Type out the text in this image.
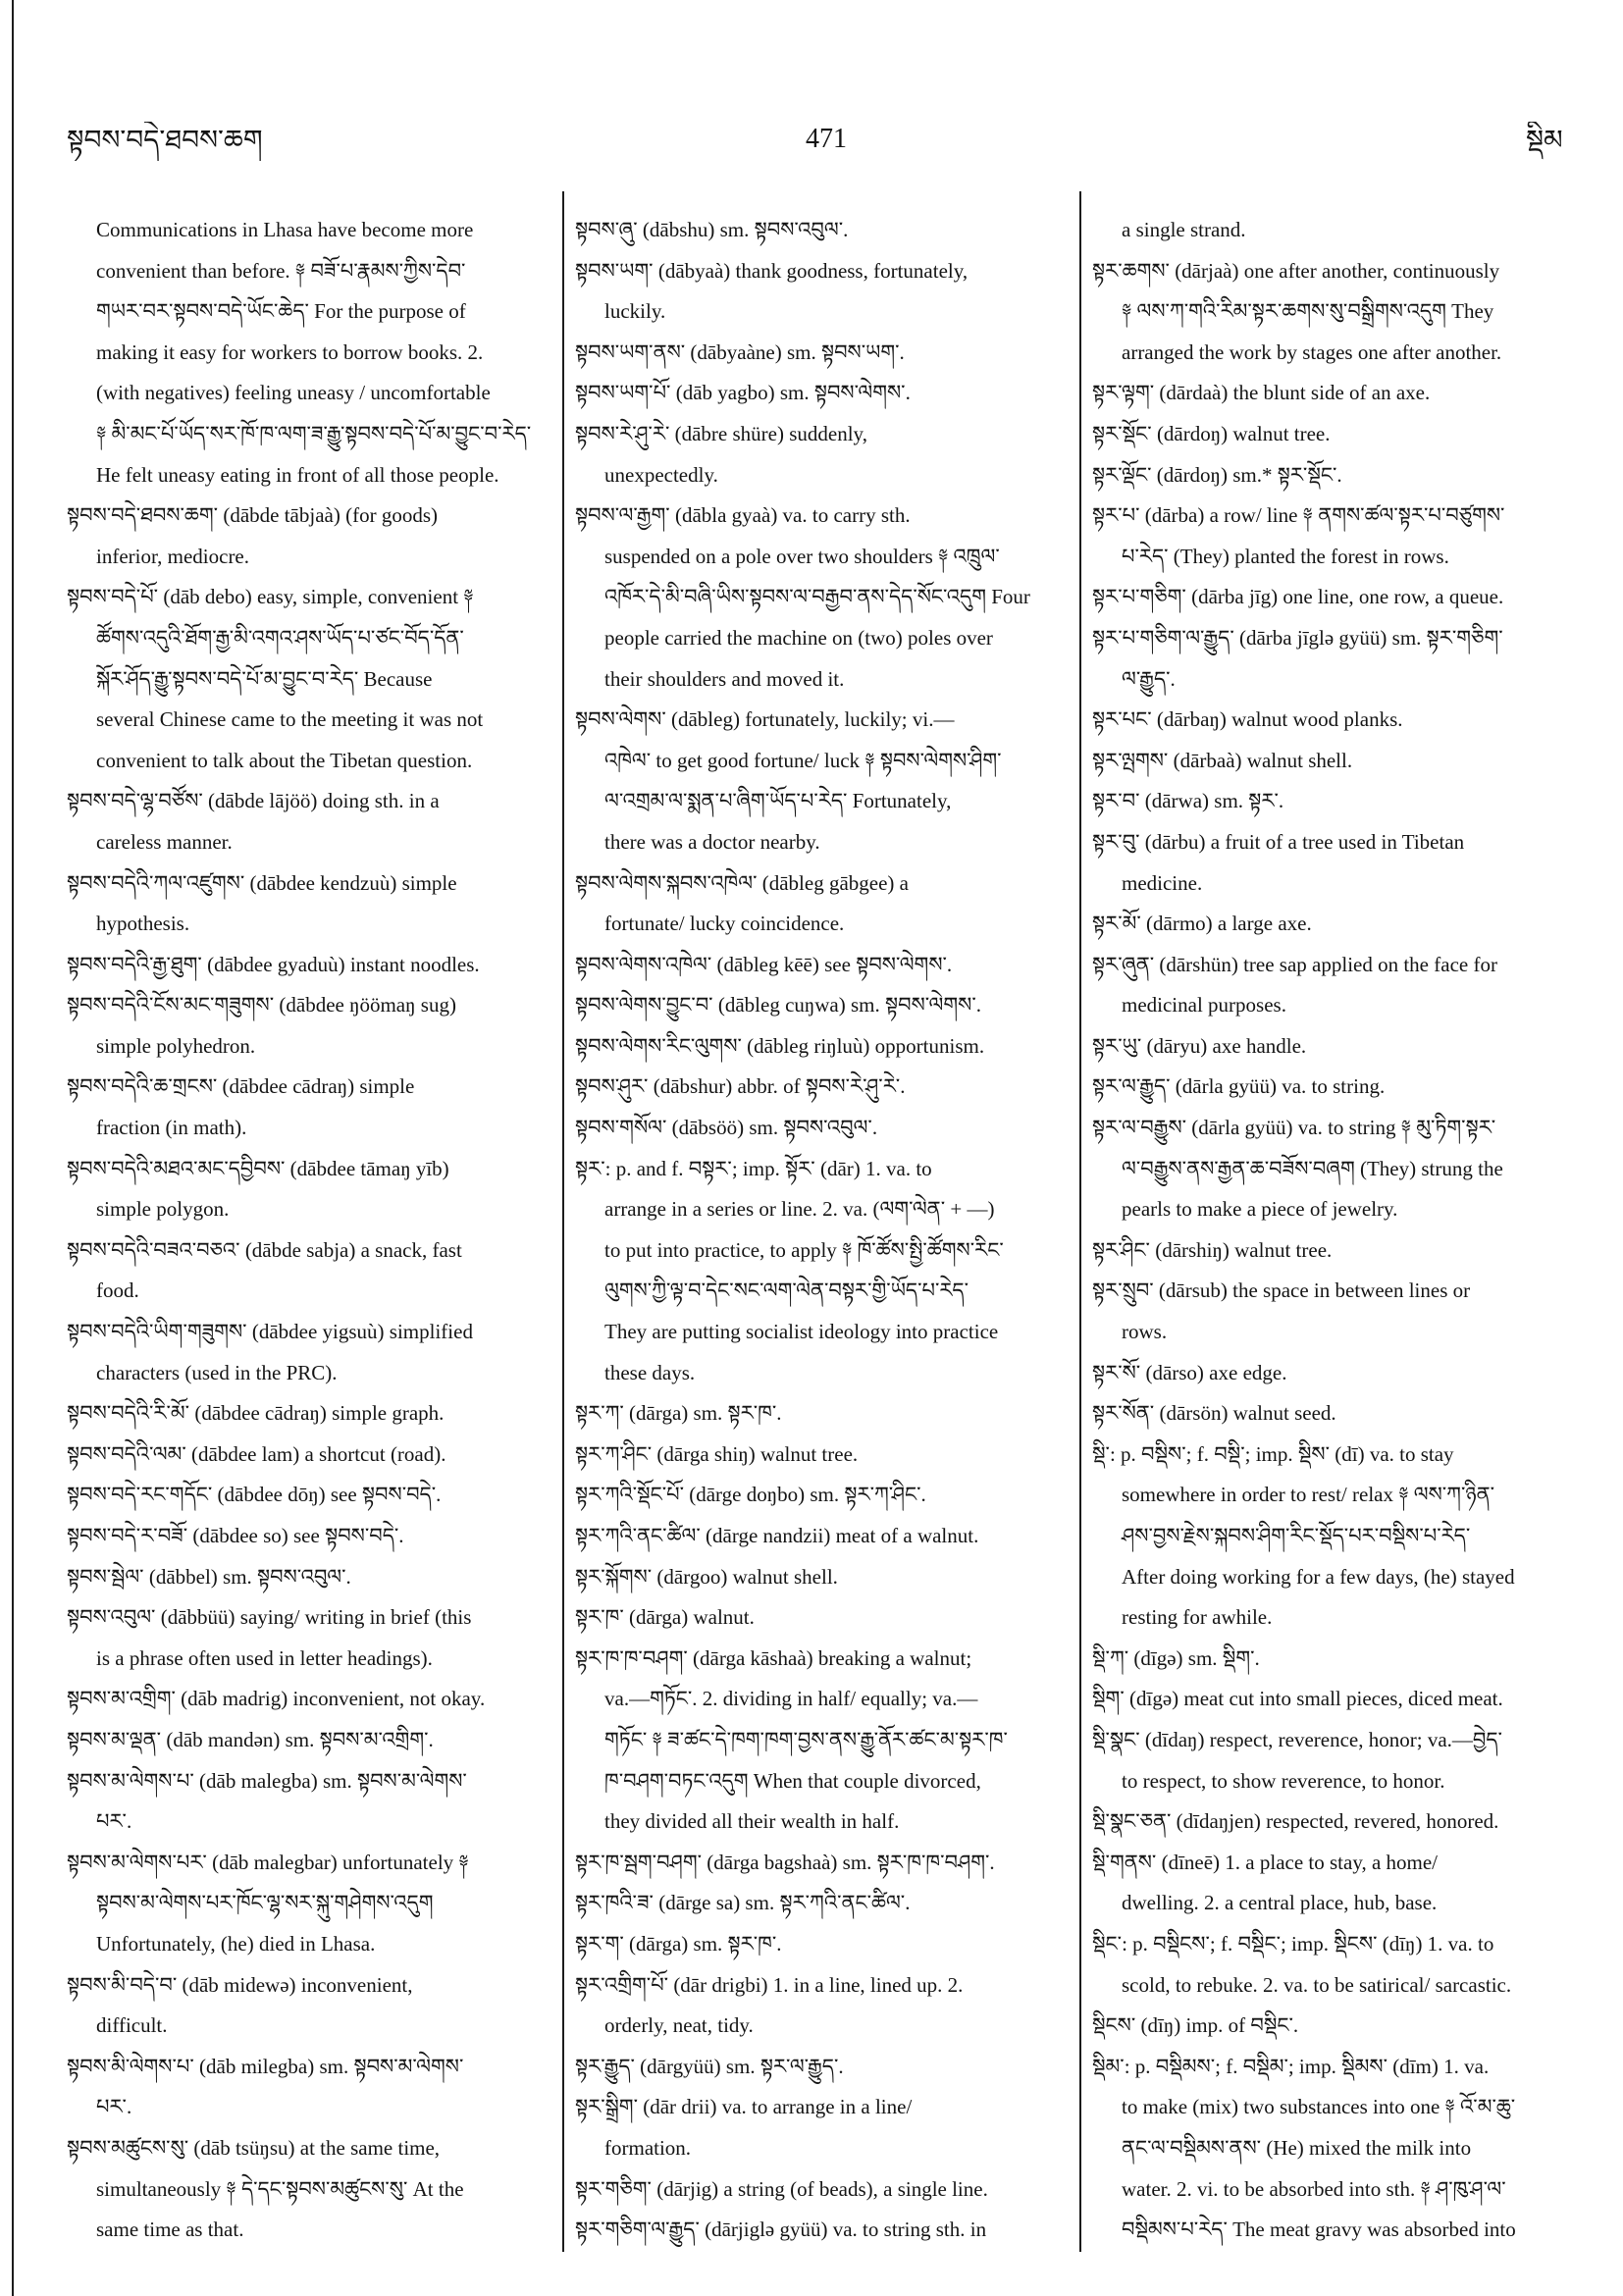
སྟབས་བདེ་ཐབས་ཆག	471	སྡིམ
Communications in Lhasa have become more
convenient than before. ༈ བཟོ་པ་རྣམས་ཀྱིས་དེབ་
གཡར་བར་སྟབས་བདེ་ཡོང་ཆེད་ For the purpose of
making it easy for workers to borrow books. 2.
(with negatives) feeling uneasy / uncomfortable
༈ མི་མང་པོ་ཡོད་སར་ཁོ་ཁ་ལག་ཟ་རྒྱུ་སྟབས་བདེ་པོ་མ་བྱུང་བ་རེད་
He felt uneasy eating in front of all those people.
སྟབས་བདེ་ཐབས་ཆག་ (dābde tābjaà) (for goods)
inferior, mediocre.
སྟབས་བདེ་པོ་ (dāb debo) easy, simple, convenient ༈
ཚོགས་འདུའི་ཐོག་རྒྱ་མི་འགའ་ཤས་ཡོད་པ་ཙང་བོད་དོན་
སྐོར་ཤོད་རྒྱུ་སྟབས་བདེ་པོ་མ་བྱུང་བ་རེད་ Because
several Chinese came to the meeting it was not
convenient to talk about the Tibetan question.
སྟབས་བདེ་ལྷ་བཙོས་ (dābde lājöö) doing sth. in a
careless manner.
སྟབས་བདེའི་ཀལ་འཛུགས་ (dābdee kendzuù) simple
hypothesis.
སྟབས་བདེའི་རྒྱ་ཐུག་ (dābdee gyaduù) instant noodles.
སྟབས་བདེའི་ངོས་མང་གཟུགས་ (dābdee ŋöömaŋ sug)
simple polyhedron.
སྟབས་བདེའི་ཆ་གྲངས་ (dābdee cādraŋ) simple
fraction (in math).
སྟབས་བདེའི་མཐའ་མང་དབྱིབས་ (dābdee tāmaŋ yīb)
simple polygon.
སྟབས་བདེའི་བཟའ་བཅའ་ (dābde sabja) a snack, fast
food.
སྟབས་བདེའི་ཡིག་གཟུགས་ (dābdee yigsuù) simplified
characters (used in the PRC).
སྟབས་བདེའི་རི་མོ་ (dābdee cādraŋ) simple graph.
སྟབས་བདེའི་ལམ་ (dābdee lam) a shortcut (road).
སྟབས་བདེ་རང་གདོང་ (dābdee dōŋ) see སྟབས་བདེ་.
སྟབས་བདེ་ར་བཟོ་ (dābdee so) see སྟབས་བདེ་.
སྟབས་སྦེལ་ (dābbel) sm. སྟབས་འབུལ་.
སྟབས་འབུལ་ (dābbüü) saying/ writing in brief (this
is a phrase often used in letter headings).
སྟབས་མ་འགྲིག་ (dāb madrig) inconvenient, not okay.
སྟབས་མ་ལྡན་ (dāb mandən) sm. སྟབས་མ་འགྲིག་.
སྟབས་མ་ལེགས་པ་ (dāb malegba) sm. སྟབས་མ་ལེགས་
པར་.
སྟབས་མ་ལེགས་པར་ (dāb malegbar) unfortunately ༈
སྟབས་མ་ལེགས་པར་ཁོང་ལྷ་སར་སྐུ་གཤེགས་འདུག
Unfortunately, (he) died in Lhasa.
སྟབས་མི་བདེ་བ་ (dāb midewə) inconvenient,
difficult.
སྟབས་མི་ལེགས་པ་ (dāb milegba) sm. སྟབས་མ་ལེགས་
པར་.
སྟབས་མཚུངས་སུ་ (dāb tsüŋsu) at the same time,
simultaneously ༈ དེ་དང་སྟབས་མཚུངས་སུ་ At the
same time as that.
སྟབས་ཞུ་ (dābshu) sm. སྟབས་འབུལ་.
སྟབས་ཡག་ (dābyaà) thank goodness, fortunately,
luckily.
སྟབས་ཡག་ནས་ (dābyaàne) sm. སྟབས་ཡག་.
སྟབས་ཡག་པོ་ (dāb yagbo) sm. སྟབས་ལེགས་.
སྟབས་རེ་ཤུ་རེ་ (dābre shüre) suddenly,
unexpectedly.
སྟབས་ལ་རྒྱག་ (dābla gyaà) va. to carry sth.
suspended on a pole over two shoulders ༈ འཁྲུལ་
འཁོར་དེ་མི་བཞི་ཡིས་སྟབས་ལ་བརྒྱབ་ནས་དེད་སོང་འདུག Four
people carried the machine on (two) poles over
their shoulders and moved it.
སྟབས་ལེགས་ (dābleg) fortunately, luckily; vi.—
འཁེལ་ to get good fortune/ luck ༈ སྟབས་ལེགས་ཤིག་
ལ་འགྲམ་ལ་སྨན་པ་ཞིག་ཡོད་པ་རེད་ Fortunately,
there was a doctor nearby.
སྟབས་ལེགས་སྐབས་འཁེལ་ (dābleg gābgee) a
fortunate/ lucky coincidence.
སྟབས་ལེགས་འཁེལ་ (dābleg kēē) see སྟབས་ལེགས་.
སྟབས་ལེགས་བྱུང་བ་ (dābleg cuŋwa) sm. སྟབས་ལེགས་.
སྟབས་ལེགས་རིང་ལུགས་ (dābleg riŋluù) opportunism.
སྟབས་ཤུར་ (dābshur) abbr. of སྟབས་རེ་ཤུ་རེ་.
སྟབས་གསོལ་ (dābsöö) sm. སྟབས་འབུལ་.
སྟར་: p. and f. བསྟར་; imp. སྟོར་ (dār) 1. va. to
arrange in a series or line. 2. va. (ལག་ལེན་ + —)
to put into practice, to apply ༈ ཁོ་ཚོས་སྤྱི་ཚོགས་རིང་
ལུགས་ཀྱི་ལྟ་བ་དེང་སང་ལག་ལེན་བསྟར་གྱི་ཡོད་པ་རེད་
They are putting socialist ideology into practice
these days.
སྟར་ཀ་ (dārga) sm. སྟར་ཁ་.
སྟར་ཀ་ཤིང་ (dārga shiŋ) walnut tree.
སྟར་ཀའི་སྡོང་པོ་ (dārge doŋbo) sm. སྟར་ཀ་ཤིང་.
སྟར་ཀའི་ནང་ཚིལ་ (dārge nandzii) meat of a walnut.
སྟར་སྐོགས་ (dārgoo) walnut shell.
སྟར་ཁ་ (dārga) walnut.
སྟར་ཁ་ཁ་བཤག་ (dārga kāshaà) breaking a walnut;
va.—གཏོང་. 2. dividing in half/ equally; va.—
གཏོང་ ༈ ཟ་ཚང་དེ་ཁག་ཁག་བྱས་ནས་རྒྱུ་ནོར་ཚང་མ་སྟར་ཁ་
ཁ་བཤག་བཏང་འདུག When that couple divorced,
they divided all their wealth in half.
སྟར་ཁ་སྦག་བཤག་ (dārga bagshaà) sm. སྟར་ཁ་ཁ་བཤག་.
སྟར་ཁའི་ཟ་ (dārge sa) sm. སྟར་ཀའི་ནང་ཚིལ་.
སྟར་ག་ (dārga) sm. སྟར་ཁ་.
སྟར་འགྲིག་པོ་ (dār drigbi) 1. in a line, lined up. 2.
orderly, neat, tidy.
སྟར་རྒྱུད་ (dārgyüü) sm. སྟར་ལ་རྒྱུད་.
སྟར་སྒྲིག་ (dār drii) va. to arrange in a line/
formation.
སྟར་གཅིག་ (dārjig) a string (of beads), a single line.
སྟར་གཅིག་ལ་རྒྱུད་ (dārjiglə gyüü) va. to string sth. in
a single strand.
སྟར་ཆགས་ (dārjaà) one after another, continuously
༈ ལས་ཀ་གའི་རིམ་སྟར་ཆགས་སུ་བསྒྲིགས་འདུག They
arranged the work by stages one after another.
སྟར་ལྟག་ (dārdaà) the blunt side of an axe.
སྟར་སྡོང་ (dārdoŋ) walnut tree.
སྟར་ལྡོང་ (dārdoŋ) sm.* སྟར་སྡོང་.
སྟར་པ་ (dārba) a row/ line ༈ ནགས་ཚལ་སྟར་པ་བཙུགས་
པ་རེད་ (They) planted the forest in rows.
སྟར་པ་གཅིག་ (dārba jīg) one line, one row, a queue.
སྟར་པ་གཅིག་ལ་རྒྱུད་ (dārba jīglə gyüü) sm. སྟར་གཅིག་
ལ་རྒྱུད་.
སྟར་པང་ (dārbaŋ) walnut wood planks.
སྟར་ལྤགས་ (dārbaà) walnut shell.
སྟར་བ་ (dārwa) sm. སྟར་.
སྟར་བུ་ (dārbu) a fruit of a tree used in Tibetan
medicine.
སྟར་མོ་ (dārmo) a large axe.
སྟར་ཞུན་ (dārshün) tree sap applied on the face for
medicinal purposes.
སྟར་ཡུ་ (dāryu) axe handle.
སྟར་ལ་རྒྱུད་ (dārla gyüü) va. to string.
སྟར་ལ་བརྒྱུས་ (dārla gyüü) va. to string ༈ མུ་ཏིག་སྟར་
ལ་བརྒྱུས་ནས་རྒྱན་ཆ་བཟོས་བཞག (They) strung the
pearls to make a piece of jewelry.
སྟར་ཤིང་ (dārshiŋ) walnut tree.
སྟར་སྲུབ་ (dārsub) the space in between lines or
rows.
སྟར་སོ་ (dārso) axe edge.
སྟར་སོན་ (dārsön) walnut seed.
སྡི་: p. བསྡིས་; f. བསྡི་; imp. སྡིས་ (dī) va. to stay
somewhere in order to rest/ relax ༈ ལས་ཀ་ཉིན་
ཤས་བྱས་རྗེས་སྐབས་ཤིག་རིང་སྡོད་པར་བསྡིས་པ་རེད་
After doing working for a few days, (he) stayed
resting for awhile.
སྡི་ཀ་ (dīgə) sm. སྡིག་.
སྡིག་ (dīgə) meat cut into small pieces, diced meat.
སྡི་སྣང་ (dīdaŋ) respect, reverence, honor; va.—བྱེད་
to respect, to show reverence, to honor.
སྡི་སྣང་ཅན་ (dīdaŋjen) respected, revered, honored.
སྡི་གནས་ (dīneē) 1. a place to stay, a home/
dwelling. 2. a central place, hub, base.
སྡིང་: p. བསྡིངས་; f. བསྡིང་; imp. སྡིངས་ (dīŋ) 1. va. to
scold, to rebuke. 2. va. to be satirical/ sarcastic.
སྡིངས་ (dīŋ) imp. of བསྡིང་.
སྡིམ་: p. བསྡིམས་; f. བསྡིམ་; imp. སྡིམས་ (dīm) 1. va.
to make (mix) two substances into one ༈ འོ་མ་ཆུ་
ནང་ལ་བསྡིམས་ནས་ (He) mixed the milk into
water. 2. vi. to be absorbed into sth. ༈ ཤ་ཁུ་ཤ་ལ་
བསྡིམས་པ་རེད་ The meat gravy was absorbed into
